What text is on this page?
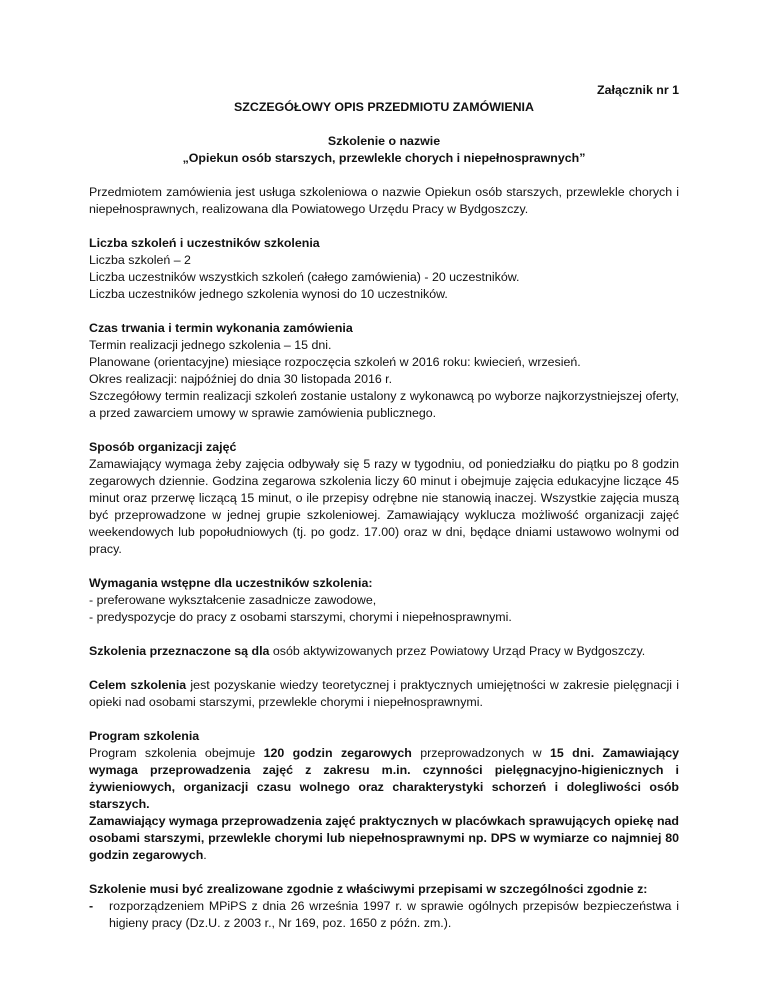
Załącznik nr 1

SZCZEGÓŁOWY OPIS PRZEDMIOTU ZAMÓWIENIA

Szkolenie o nazwie

„Opiekun osób starszych, przewlekle chorych i niepełnosprawnych”

Przedmiotem zamówienia jest usługa szkoleniowa o nazwie Opiekun osób starszych, przewlekle chorych i niepełnosprawnych, realizowana dla Powiatowego Urzędu Pracy w Bydgoszczy.

Liczba szkoleń i uczestników szkolenia

Liczba szkoleń – 2

Liczba uczestników wszystkich szkoleń (całego zamówienia) - 20 uczestników.

Liczba uczestników jednego szkolenia wynosi do 10 uczestników.

Czas trwania i termin wykonania zamówienia

Termin realizacji jednego szkolenia – 15 dni.

Planowane (orientacyjne) miesiące rozpoczęcia szkoleń w 2016 roku: kwiecień, wrzesień.

Okres realizacji: najpóźniej do dnia 30 listopada 2016 r.

Szczegółowy termin realizacji szkoleń zostanie ustalony z wykonawcą po wyborze najkorzystniejszej oferty, a przed zawarciem umowy w sprawie zamówienia publicznego.

Sposób organizacji zajęć

Zamawiający wymaga żeby zajęcia odbywały się 5 razy w tygodniu, od poniedziałku do piątku po 8 godzin zegarowych dziennie. Godzina zegarowa szkolenia liczy 60 minut i obejmuje zajęcia edukacyjne liczące 45 minut oraz przerwę liczącą 15 minut, o ile przepisy odrębne nie stanowią inaczej. Wszystkie zajęcia muszą być przeprowadzone w jednej grupie szkoleniowej. Zamawiający wyklucza możliwość organizacji zajęć weekendowych lub popołudniowych (tj. po godz. 17.00) oraz w dni, będące dniami ustawowo wolnymi od pracy.

Wymagania wstępne dla uczestników szkolenia:

- preferowane wykształcenie zasadnicze zawodowe,

- predyspozycje do pracy z osobami starszymi, chorymi i niepełnosprawnymi.

Szkolenia przeznaczone są dla osób aktywizowanych przez Powiatowy Urząd Pracy w Bydgoszczy.

Celem szkolenia jest pozyskanie wiedzy teoretycznej i praktycznych umiejętności w zakresie pielęgnacji i opieki nad osobami starszymi, przewlekle chorymi i niepełnosprawnymi.

Program szkolenia

Program szkolenia obejmuje 120 godzin zegarowych przeprowadzonych w 15 dni. Zamawiający wymaga przeprowadzenia zajęć z zakresu m.in. czynności pielęgnacyjno-higienicznych i żywieniowych, organizacji czasu wolnego oraz charakterystyki schorzeń i dolegliwości osób starszych.

Zamawiający wymaga przeprowadzenia zajęć praktycznych w placówkach sprawujących opiekę nad osobami starszymi, przewlekle chorymi lub niepełnosprawnymi np. DPS w wymiarze co najmniej 80 godzin zegarowych.

Szkolenie musi być zrealizowane zgodnie z właściwymi przepisami w szczególności zgodnie z:

- rozporządzeniem MPiPS z dnia 26 września 1997 r. w sprawie ogólnych przepisów bezpieczeństwa i higieny pracy (Dz.U. z 2003 r., Nr 169, poz. 1650 z późn. zm.).
